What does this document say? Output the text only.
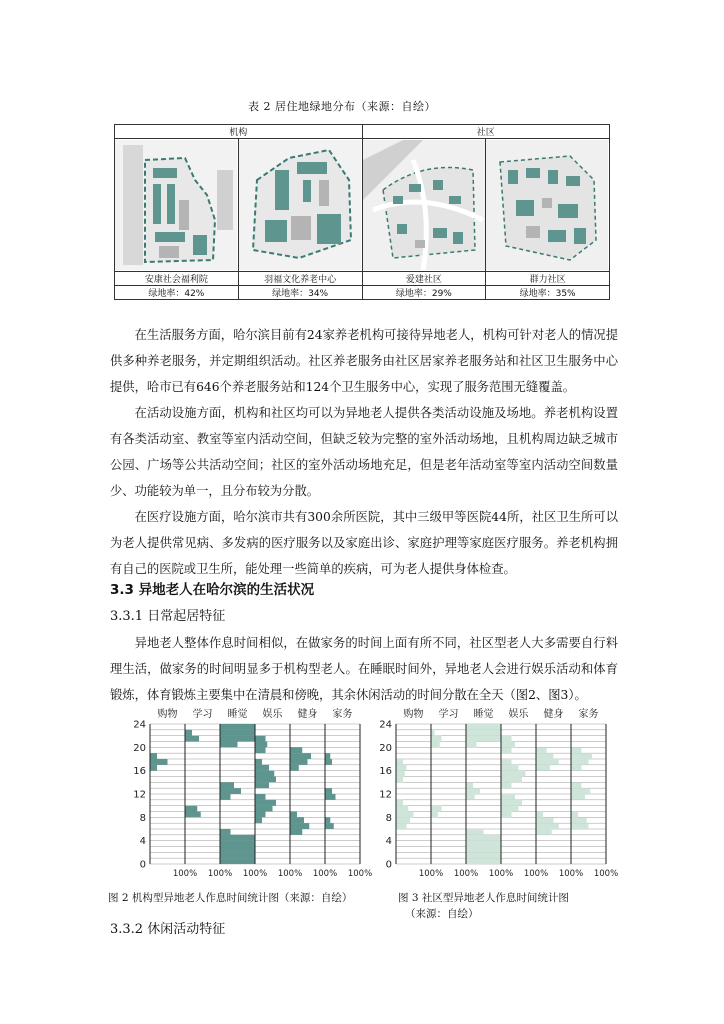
表 2 居住地绿地分布（来源：自绘）
机构		社区	

安康社会福利院	羽福文化养老中心	爱建社区	群力社区
绿地率：42%	绿地率：34%	绿地率：29%	绿地率：35%

在生活服务方面，哈尔滨目前有24家养老机构可接待异地老人，机构可针对老人的情况提供多种养老服务，并定期组织活动。社区养老服务由社区居家养老服务站和社区卫生服务中心提供，哈市已有646个养老服务站和124个卫生服务中心，实现了服务范围无缝覆盖。

在活动设施方面，机构和社区均可以为异地老人提供各类活动设施及场地。养老机构设置有各类活动室、教室等室内活动空间，但缺乏较为完整的室外活动场地，且机构周边缺乏城市公园、广场等公共活动空间；社区的室外活动场地充足，但是老年活动室等室内活动空间数量少、功能较为单一，且分布较为分散。

在医疗设施方面，哈尔滨市共有300余所医院，其中三级甲等医院44所，社区卫生所可以为老人提供常见病、多发病的医疗服务以及家庭出诊、家庭护理等家庭医疗服务。养老机构拥有自己的医院或卫生所，能处理一些简单的疾病，可为老人提供身体检查。

3.3 异地老人在哈尔滨的生活状况
3.3.1 日常起居特征

异地老人整体作息时间相似，在做家务的时间上面有所不同，社区型老人大多需要自行料理生活，做家务的时间明显多于机构型老人。在睡眠时间外，异地老人会进行娱乐活动和体育锻炼，体育锻炼主要集中在清晨和傍晚，其余休闲活动的时间分散在全天（图2、图3）。

购物 学习 睡觉 娱乐 健身 家务
0
4
8
12
16
20
24
100% 100% 100% 100% 100% 100%
购物 学习 睡觉 娱乐 健身 家务
0
4
8
12
16
20
24
100% 100% 100% 100% 100% 100%
图 2 机构型异地老人作息时间统计图（来源：自绘）	图 3 社区型异地老人作息时间统计图
（来源：自绘）
3.3.2 休闲活动特征
